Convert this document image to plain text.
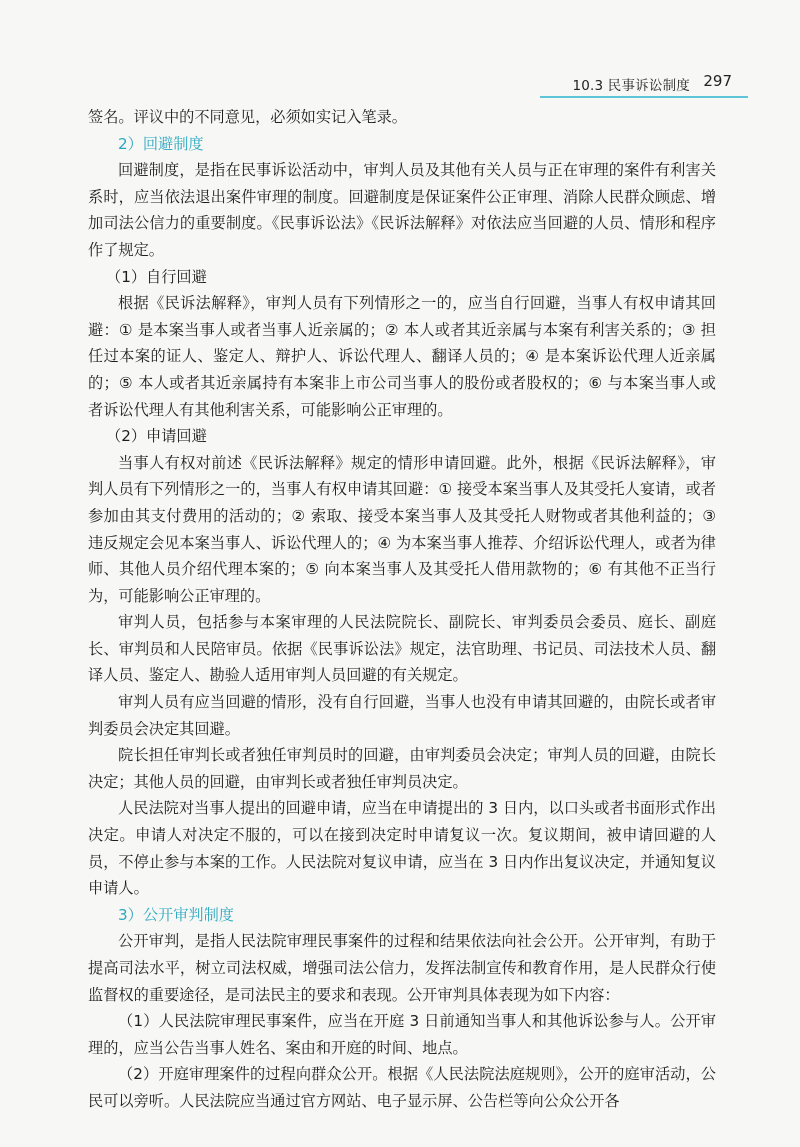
10.3 民事诉讼制度 297

签名。评议中的不同意见，必须如实记入笔录。

2）回避制度

回避制度，是指在民事诉讼活动中，审判人员及其他有关人员与正在审理的案件有利害关系时，应当依法退出案件审理的制度。回避制度是保证案件公正审理、消除人民群众顾虑、增加司法公信力的重要制度。《民事诉讼法》《民诉法解释》对依法应当回避的人员、情形和程序作了规定。

（1）自行回避

根据《民诉法解释》，审判人员有下列情形之一的，应当自行回避，当事人有权申请其回避：① 是本案当事人或者当事人近亲属的；② 本人或者其近亲属与本案有利害关系的；③ 担任过本案的证人、鉴定人、辩护人、诉讼代理人、翻译人员的；④ 是本案诉讼代理人近亲属的；⑤ 本人或者其近亲属持有本案非上市公司当事人的股份或者股权的；⑥ 与本案当事人或者诉讼代理人有其他利害关系，可能影响公正审理的。

（2）申请回避

当事人有权对前述《民诉法解释》规定的情形申请回避。此外，根据《民诉法解释》，审判人员有下列情形之一的，当事人有权申请其回避：① 接受本案当事人及其受托人宴请，或者参加由其支付费用的活动的；② 索取、接受本案当事人及其受托人财物或者其他利益的；③ 违反规定会见本案当事人、诉讼代理人的；④ 为本案当事人推荐、介绍诉讼代理人，或者为律师、其他人员介绍代理本案的；⑤ 向本案当事人及其受托人借用款物的；⑥ 有其他不正当行为，可能影响公正审理的。

审判人员，包括参与本案审理的人民法院院长、副院长、审判委员会委员、庭长、副庭长、审判员和人民陪审员。依据《民事诉讼法》规定，法官助理、书记员、司法技术人员、翻译人员、鉴定人、勘验人适用审判人员回避的有关规定。

审判人员有应当回避的情形，没有自行回避，当事人也没有申请其回避的，由院长或者审判委员会决定其回避。

院长担任审判长或者独任审判员时的回避，由审判委员会决定；审判人员的回避，由院长决定；其他人员的回避，由审判长或者独任审判员决定。

人民法院对当事人提出的回避申请，应当在申请提出的 3 日内，以口头或者书面形式作出决定。申请人对决定不服的，可以在接到决定时申请复议一次。复议期间，被申请回避的人员，不停止参与本案的工作。人民法院对复议申请，应当在 3 日内作出复议决定，并通知复议申请人。

3）公开审判制度

公开审判，是指人民法院审理民事案件的过程和结果依法向社会公开。公开审判，有助于提高司法水平，树立司法权威，增强司法公信力，发挥法制宣传和教育作用，是人民群众行使监督权的重要途径，是司法民主的要求和表现。公开审判具体表现为如下内容：

（1）人民法院审理民事案件，应当在开庭 3 日前通知当事人和其他诉讼参与人。公开审理的，应当公告当事人姓名、案由和开庭的时间、地点。

（2）开庭审理案件的过程向群众公开。根据《人民法院法庭规则》，公开的庭审活动，公民可以旁听。人民法院应当通过官方网站、电子显示屏、公告栏等向公众公开各
